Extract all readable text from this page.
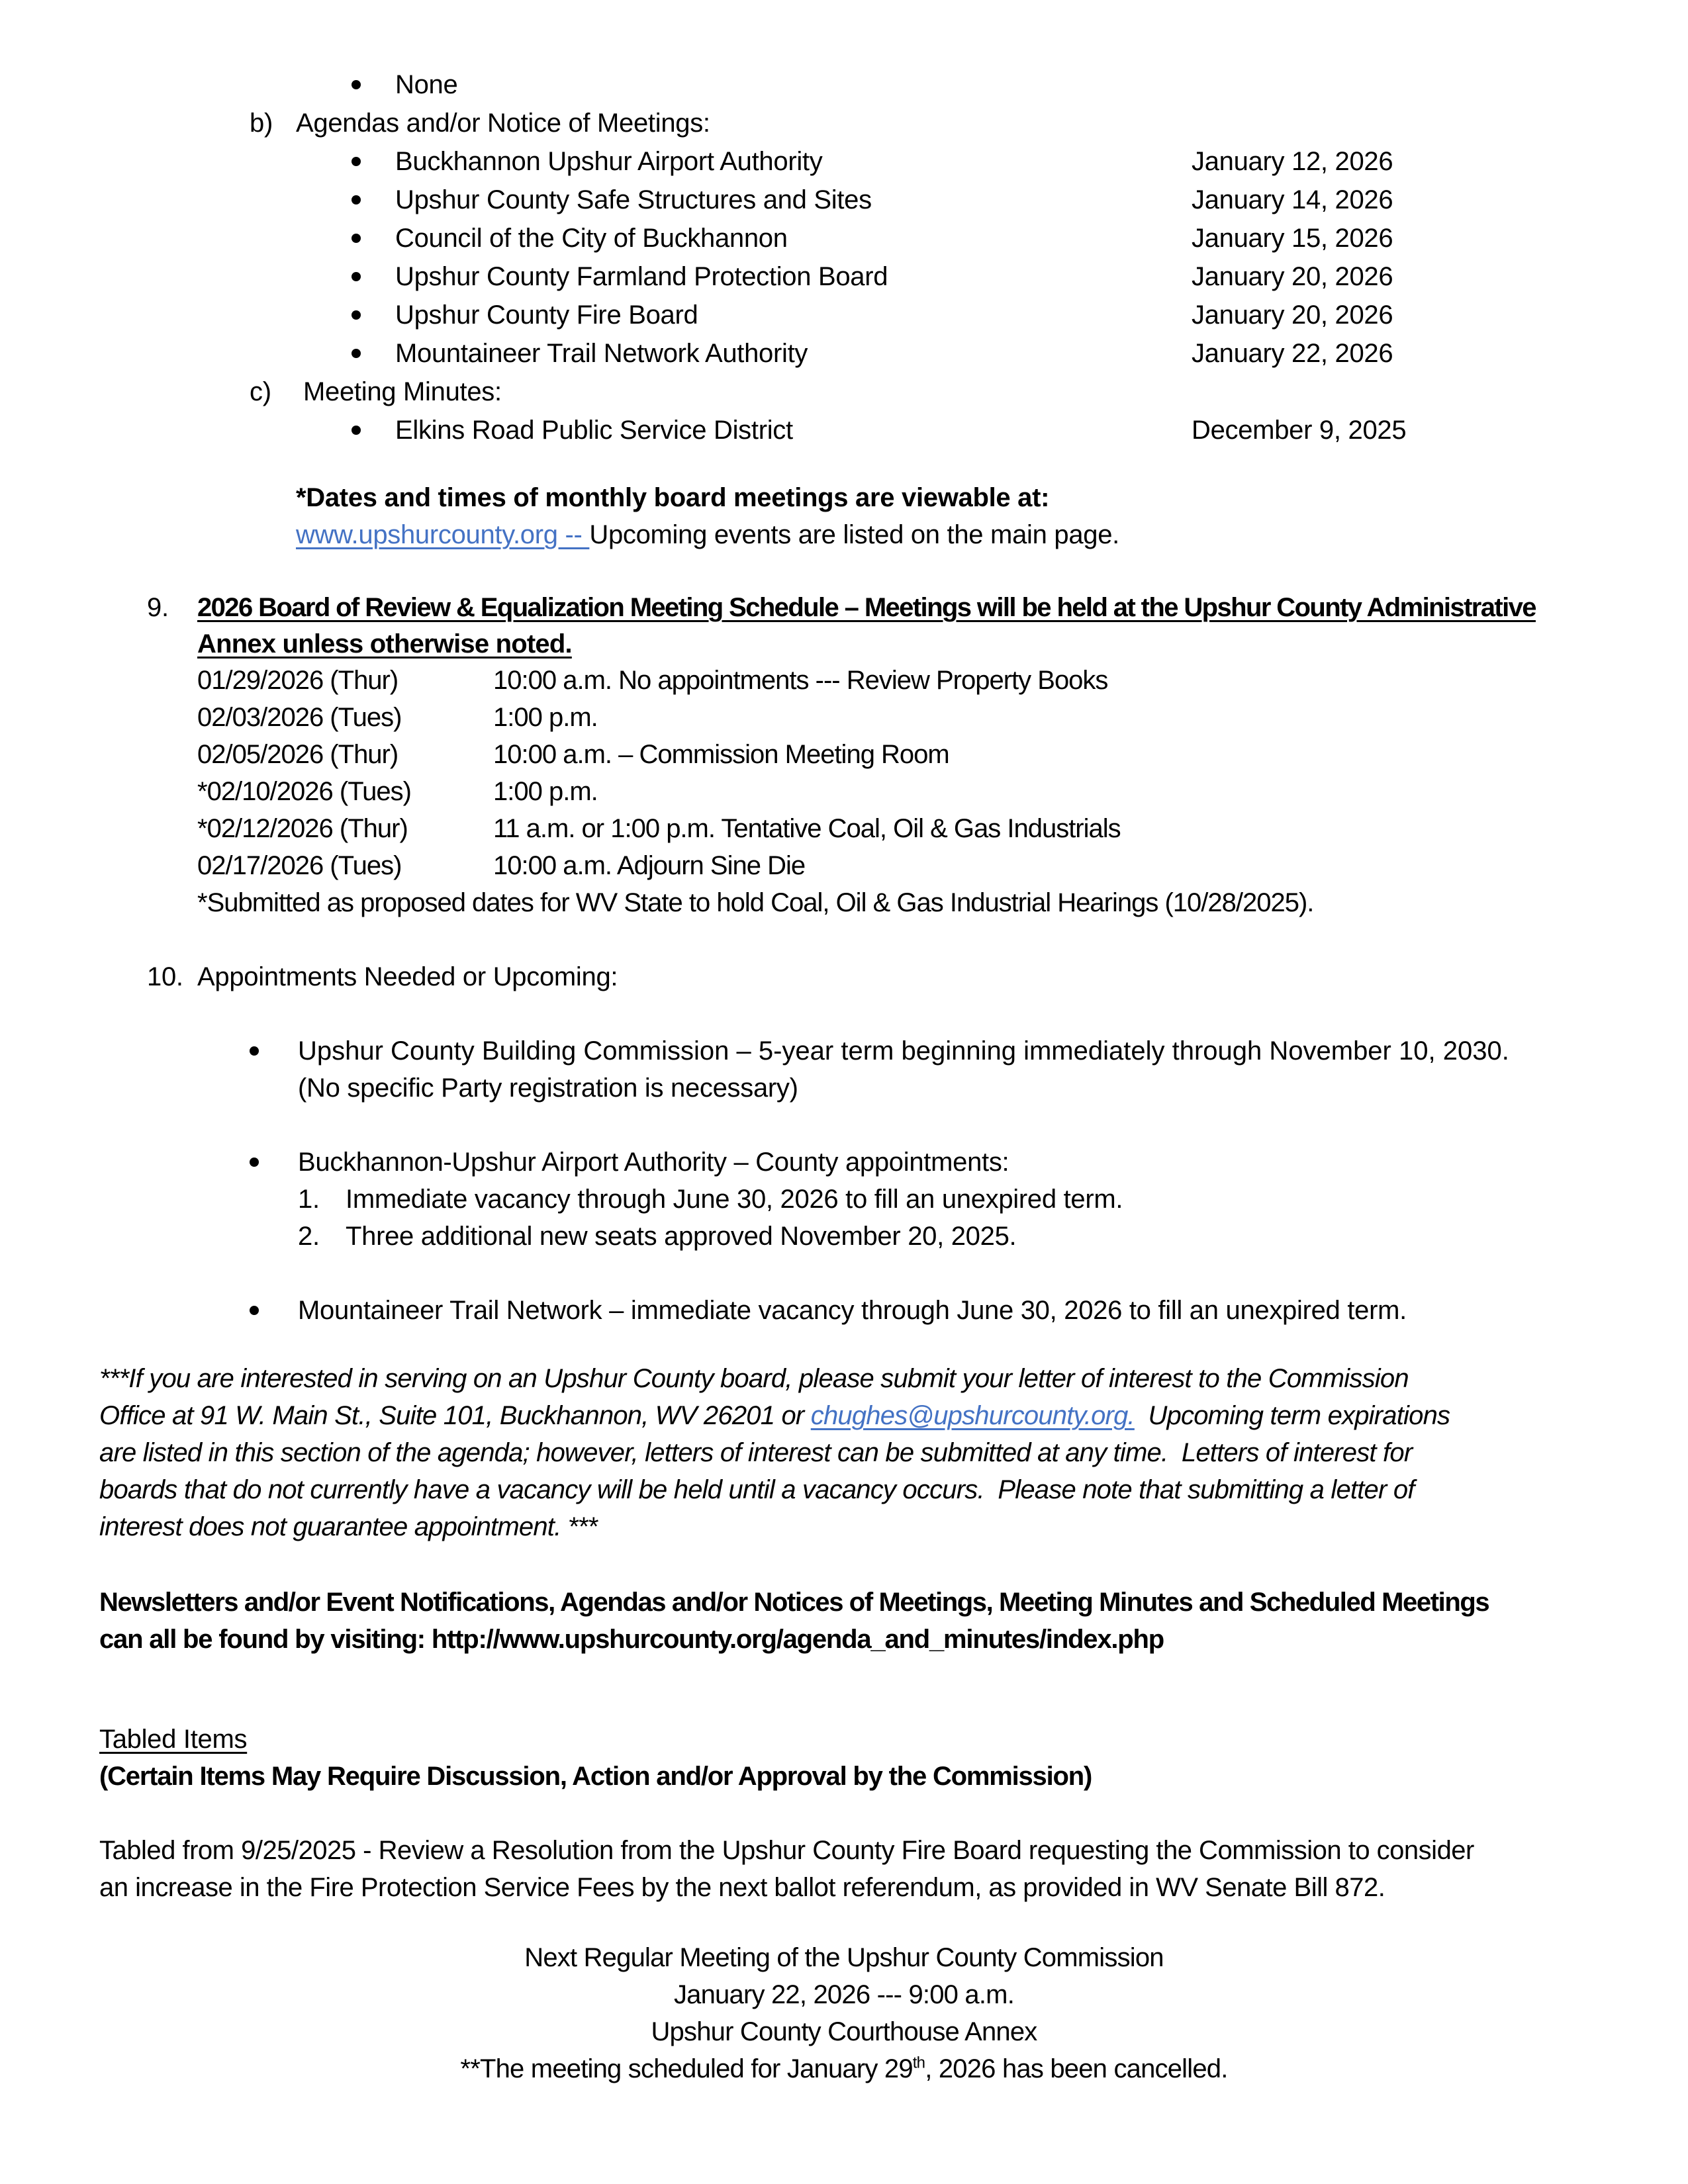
None
b) Agendas and/or Notice of Meetings:
Buckhannon Upshur Airport Authority	January 12, 2026
Upshur County Safe Structures and Sites	January 14, 2026
Council of the City of Buckhannon	January 15, 2026
Upshur County Farmland Protection Board	January 20, 2026
Upshur County Fire Board	January 20, 2026
Mountaineer Trail Network Authority	January 22, 2026
c) Meeting Minutes:
Elkins Road Public Service District	December 9, 2025
*Dates and times of monthly board meetings are viewable at:
www.upshurcounty.org -- Upcoming events are listed on the main page.
9. 2026 Board of Review & Equalization Meeting Schedule – Meetings will be held at the Upshur County Administrative
Annex unless otherwise noted.
01/29/2026 (Thur)	10:00 a.m. No appointments --- Review Property Books
02/03/2026 (Tues)	1:00 p.m.
02/05/2026 (Thur)	10:00 a.m. – Commission Meeting Room
*02/10/2026 (Tues)	1:00 p.m.
*02/12/2026 (Thur)	11 a.m. or 1:00 p.m. Tentative Coal, Oil & Gas Industrials
02/17/2026 (Tues)	10:00 a.m. Adjourn Sine Die
*Submitted as proposed dates for WV State to hold Coal, Oil & Gas Industrial Hearings (10/28/2025).
10. Appointments Needed or Upcoming:
Upshur County Building Commission – 5-year term beginning immediately through November 10, 2030.
(No specific Party registration is necessary)
Buckhannon-Upshur Airport Authority – County appointments:
1. Immediate vacancy through June 30, 2026 to fill an unexpired term.
2. Three additional new seats approved November 20, 2025.
Mountaineer Trail Network – immediate vacancy through June 30, 2026 to fill an unexpired term.
***If you are interested in serving on an Upshur County board, please submit your letter of interest to the Commission
Office at 91 W. Main St., Suite 101, Buckhannon, WV 26201 or chughes@upshurcounty.org.  Upcoming term expirations
are listed in this section of the agenda; however, letters of interest can be submitted at any time.  Letters of interest for
boards that do not currently have a vacancy will be held until a vacancy occurs.  Please note that submitting a letter of
interest does not guarantee appointment. ***
Newsletters and/or Event Notifications, Agendas and/or Notices of Meetings, Meeting Minutes and Scheduled Meetings
can all be found by visiting: http://www.upshurcounty.org/agenda_and_minutes/index.php
Tabled Items
(Certain Items May Require Discussion, Action and/or Approval by the Commission)
Tabled from 9/25/2025 - Review a Resolution from the Upshur County Fire Board requesting the Commission to consider
an increase in the Fire Protection Service Fees by the next ballot referendum, as provided in WV Senate Bill 872.
Next Regular Meeting of the Upshur County Commission
January 22, 2026 --- 9:00 a.m.
Upshur County Courthouse Annex
**The meeting scheduled for January 29th, 2026 has been cancelled.
